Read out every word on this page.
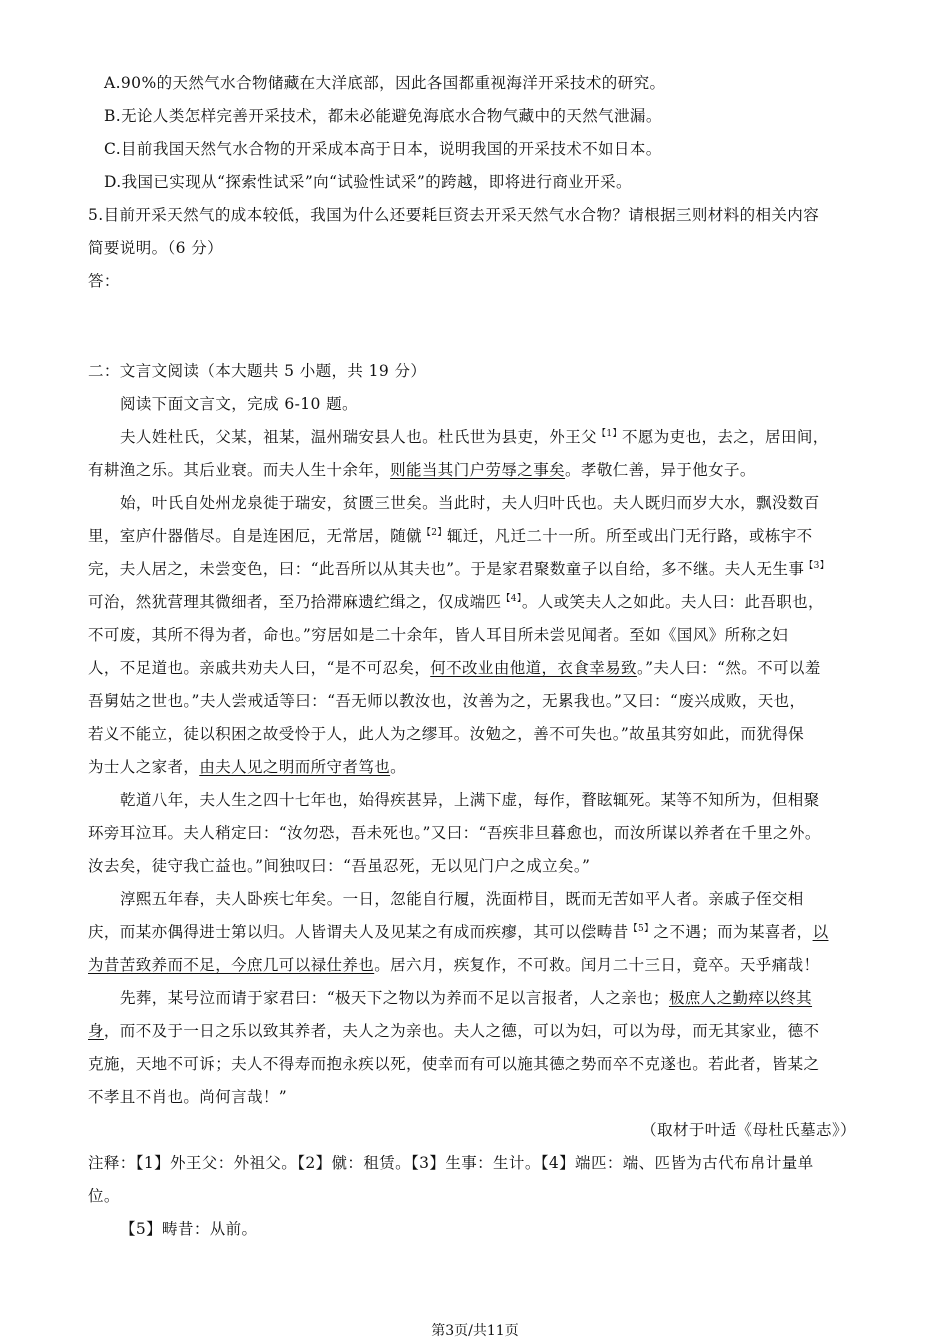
A.90%的天然气水合物储藏在大洋底部，因此各国都重视海洋开采技术的研究。
B.无论人类怎样完善开采技术，都未必能避免海底水合物气藏中的天然气泄漏。
C.目前我国天然气水合物的开采成本高于日本，说明我国的开采技术不如日本。
D.我国已实现从“探索性试采”向“试验性试采”的跨越，即将进行商业开采。
5.目前开采天然气的成本较低，我国为什么还要耗巨资去开采天然气水合物？请根据三则材料的相关内容
简要说明。（6 分）
答：
二：文言文阅读（本大题共 5 小题，共 19 分）
阅读下面文言文，完成 6-10 题。
夫人姓杜氏，父某，祖某，温州瑞安县人也。杜氏世为县吏，外王父$^{【1】}$不愿为吏也，去之，居田间，
有耕渔之乐。其后业衰。而夫人生十余年，则能当其门户劳辱之事矣。孝敬仁善，异于他女子。
始，叶氏自处州龙泉徙于瑞安，贫匮三世矣。当此时，夫人归叶氏也。夫人既归而岁大水，飘没数百
里，室庐什器偕尽。自是连困厄，无常居，随僦$^{【2】}$辄迁，凡迁二十一所。所至或出门无行路，或栋宇不
完，夫人居之，未尝变色，曰：“此吾所以从其夫也”。于是家君聚数童子以自给，多不继。夫人无生事$^{【3】}$
可治，然犹营理其微细者，至乃拾滞麻遗纻缉之，仅成端匹$^{【4】}$。人或笑夫人之如此。夫人曰：此吾职也，
不可废，其所不得为者，命也。”穷居如是二十余年，皆人耳目所未尝见闻者。至如《国风》所称之妇
人，不足道也。亲戚共劝夫人曰，“是不可忍矣，何不改业由他道，衣食幸易致。”夫人曰：“然。不可以羞
吾舅姑之世也。”夫人尝戒适等曰：“吾无师以教汝也，汝善为之，无累我也。”又曰：“废兴成败，天也，
若义不能立，徒以积困之故受怜于人，此人为之缪耳。汝勉之，善不可失也。”故虽其穷如此，而犹得保
为士人之家者，由夫人见之明而所守者笃也。
乾道八年，夫人生之四十七年也，始得疾甚异，上满下虚，每作，瞀眩辄死。某等不知所为，但相聚
环旁耳泣耳。夫人稍定曰：“汝勿恐，吾未死也。”又曰：“吾疾非旦暮愈也，而汝所谋以养者在千里之外。
汝去矣，徒守我亡益也。”间独叹曰：“吾虽忍死，无以见门户之成立矣。”
淳熙五年春，夫人卧疾七年矣。一日，忽能自行履，洗面栉目，既而无苦如平人者。亲戚子侄交相
庆，而某亦偶得进士第以归。人皆谓夫人及见某之有成而疾瘳，其可以偿畴昔$^{【5】}$之不遇；而为某喜者，以
为昔苦致养而不足，今庶几可以禄仕养也。居六月，疾复作，不可救。闰月二十三日，竟卒。天乎痛哉！
先葬，某号泣而请于家君曰：“极天下之物以为养而不足以言报者，人之亲也；极庶人之勤瘁以终其
身，而不及于一日之乐以致其养者，夫人之为亲也。夫人之德，可以为妇，可以为母，而无其家业，德不
克施，天地不可诉；夫人不得寿而抱永疾以死，使幸而有可以施其德之势而卒不克遂也。若此者，皆某之
不孝且不肖也。尚何言哉！”
（取材于叶适《母杜氏墓志》）
注释：【1】外王父：外祖父。【2】僦：租赁。【3】生事：生计。【4】端匹：端、匹皆为古代布帛计量单
位。
【5】畴昔：从前。
第3页/共11页
